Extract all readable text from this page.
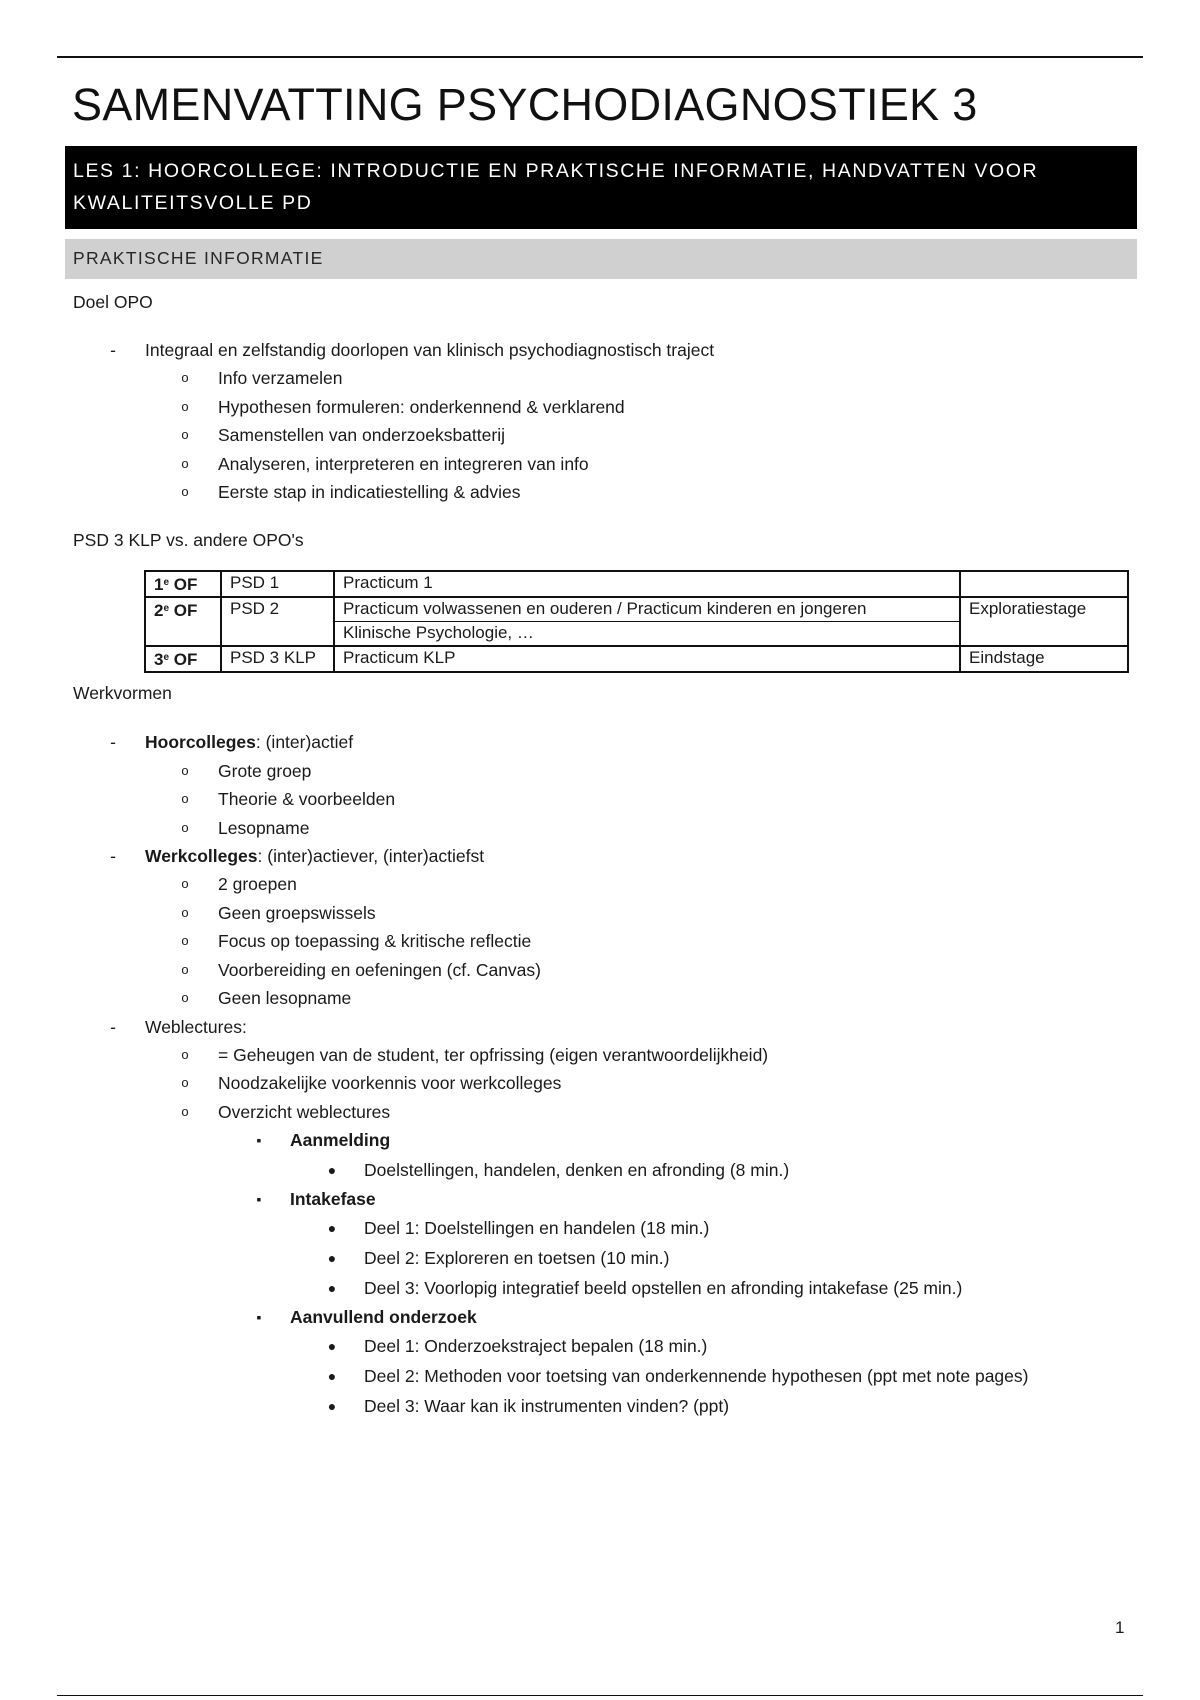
SAMENVATTING PSYCHODIAGNOSTIEK 3
LES 1: HOORCOLLEGE: INTRODUCTIE EN PRAKTISCHE INFORMATIE, HANDVATTEN VOOR KWALITEITSVOLLE PD
PRAKTISCHE INFORMATIE
Doel OPO
-	Integraal en zelfstandig doorlopen van klinisch psychodiagnostisch traject
o	Info verzamelen
o	Hypothesen formuleren: onderkennend & verklarend
o	Samenstellen van onderzoeksbatterij
o	Analyseren, interpreteren en integreren van info
o	Eerste stap in indicatiestelling & advies
PSD 3 KLP vs. andere OPO's
1e OF	PSD 1	Practicum 1	
2e OF	PSD 2	Practicum volwassenen en ouderen / Practicum kinderen en jongeren	Exploratiestage
		Klinische Psychologie, …	
3e OF	PSD 3 KLP	Practicum KLP	Eindstage
Werkvormen
-	Hoorcolleges: (inter)actief
o	Grote groep
o	Theorie & voorbeelden
o	Lesopname
-	Werkcolleges: (inter)actiever, (inter)actiefst
o	2 groepen
o	Geen groepswissels
o	Focus op toepassing & kritische reflectie
o	Voorbereiding en oefeningen (cf. Canvas)
o	Geen lesopname
-	Weblectures:
o	= Geheugen van de student, ter opfrissing (eigen verantwoordelijkheid)
o	Noodzakelijke voorkennis voor werkcolleges
o	Overzicht weblectures
▪	Aanmelding
●	Doelstellingen, handelen, denken en afronding (8 min.)
▪	Intakefase
●	Deel 1: Doelstellingen en handelen (18 min.)
●	Deel 2: Exploreren en toetsen (10 min.)
●	Deel 3: Voorlopig integratief beeld opstellen en afronding intakefase (25 min.)
▪	Aanvullend onderzoek
●	Deel 1: Onderzoekstraject bepalen (18 min.)
●	Deel 2: Methoden voor toetsing van onderkennende hypothesen (ppt met note pages)
●	Deel 3: Waar kan ik instrumenten vinden? (ppt)
1
